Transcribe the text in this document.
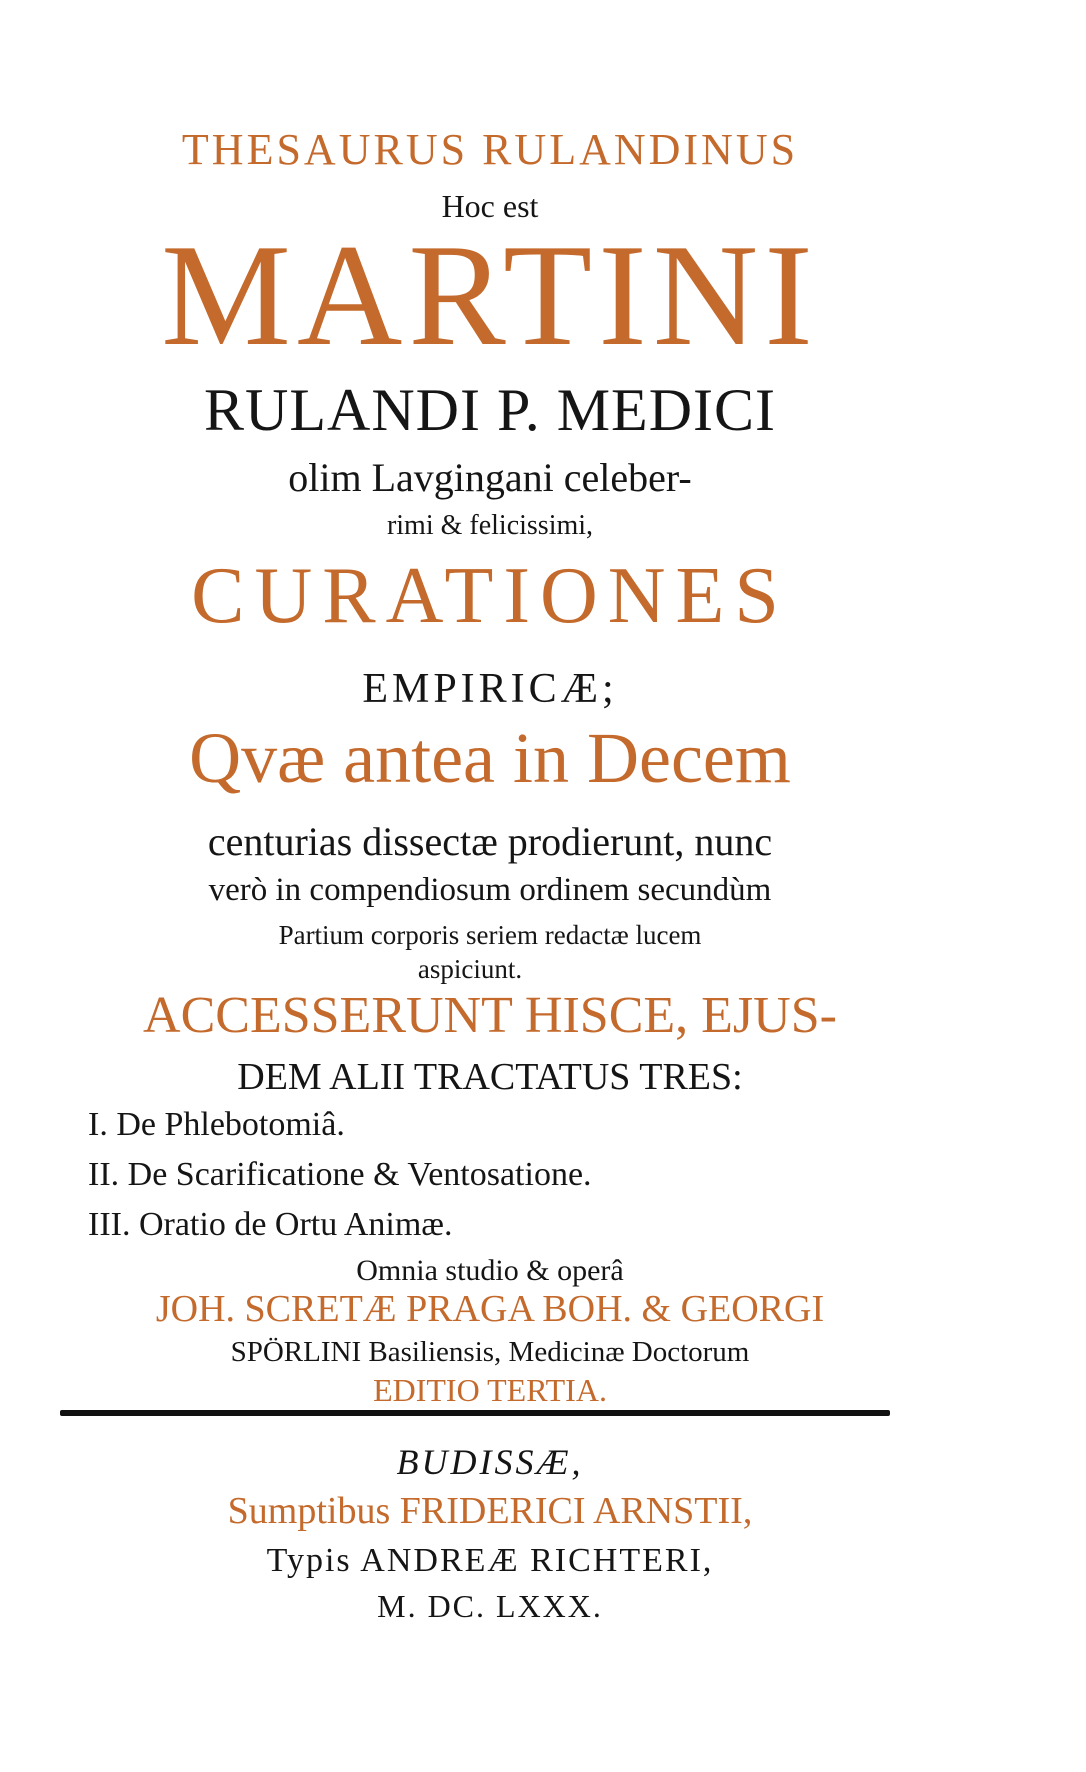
THESAURUS RULANDINUS
Hoc est
MARTINI
RULANDI P. MEDICI
olim Lavgingani celeber-
rimi & felicissimi,
CURATIONES
EMPIRICÆ;
Qvæ antea in Decem
centurias dissectæ prodierunt, nunc
verò in compendiosum ordinem secundùm
Partium corporis seriem redactæ lucem
aspiciunt.
ACCESSERUNT HISCE, EJUS-
DEM ALII TRACTATUS TRES:
I. De Phlebotomiâ.
II. De Scarificatione & Ventosatione.
III. Oratio de Ortu Animæ.
Omnia studio & operâ
JOH. SCRETÆ PRAGA BOH. & GEORGI
SPÖRLINI Basiliensis, Medicinæ Doctorum
EDITIO TERTIA.
BUDISSÆ,
Sumptibus FRIDERICI ARNSTII,
Typis ANDREÆ RICHTERI,
M. DC. LXXX.
